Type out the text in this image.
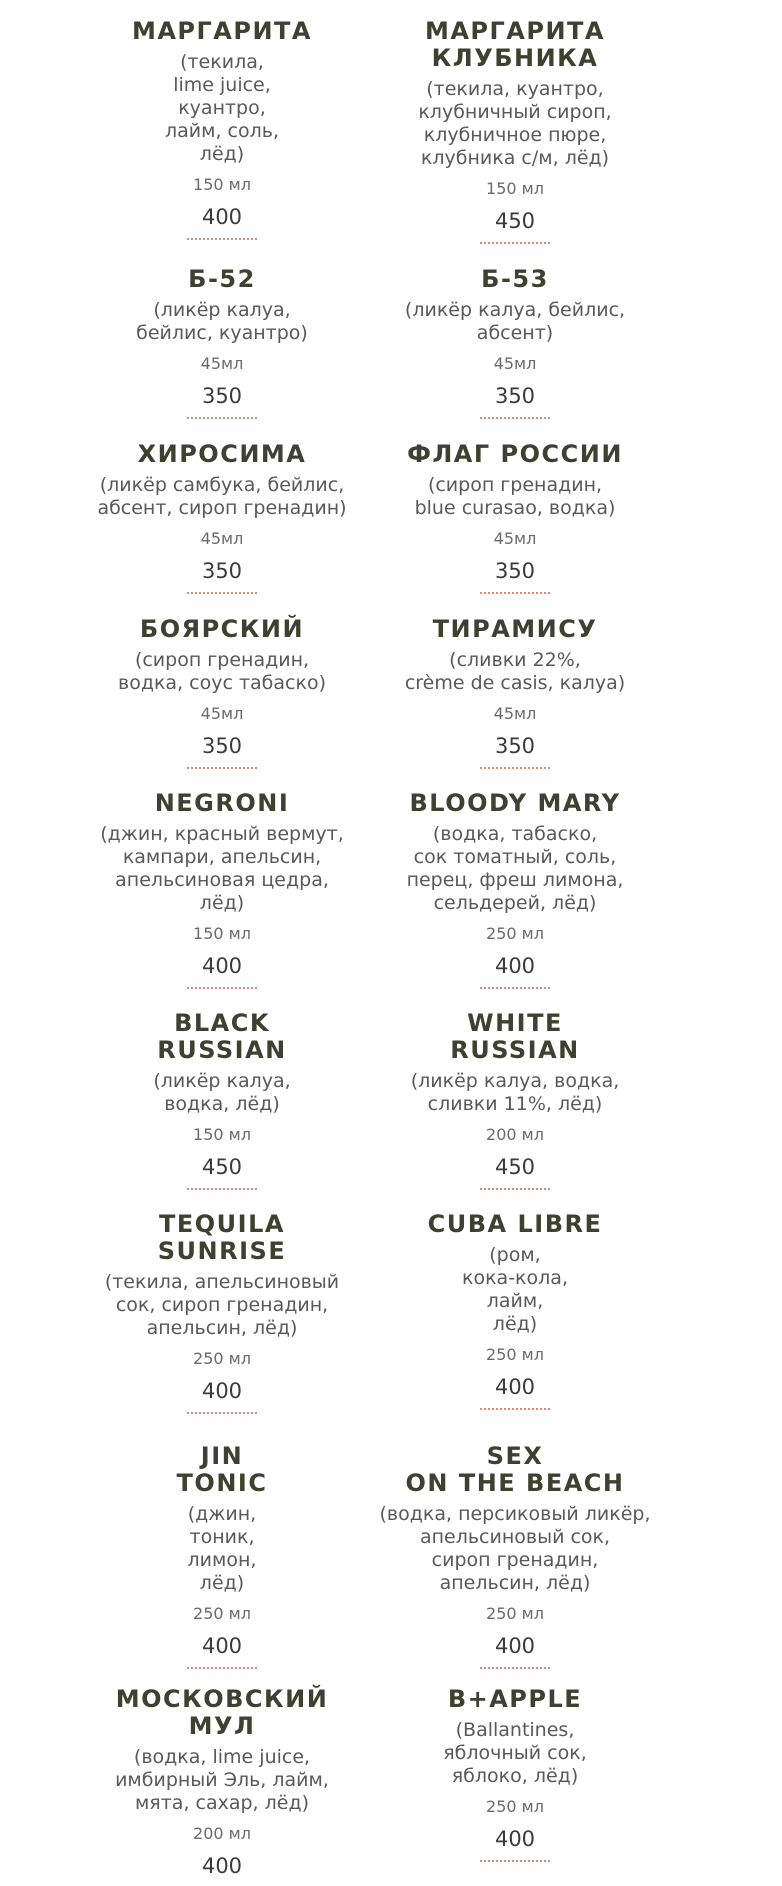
МАРГАРИТА
(текила,
lime juice,
куантро,
лайм, соль,
лёд)
150 мл
400
МАРГАРИТА
КЛУБНИКА
(текила, куантро,
клубничный сироп,
клубничное пюре,
клубника с/м, лёд)
150 мл
450
Б-52
(ликёр калуа,
бейлис, куантро)
45мл
350
Б-53
(ликёр калуа, бейлис,
абсент)
45мл
350
ХИРОСИМА
(ликёр самбука, бейлис,
абсент, сироп гренадин)
45мл
350
ФЛАГ РОССИИ
(сироп гренадин,
blue curasao, водка)
45мл
350
БОЯРСКИЙ
(сироп гренадин,
водка, соус табаско)
45мл
350
ТИРАМИСУ
(сливки 22%,
crème de casis, калуа)
45мл
350
NEGRONI
(джин, красный вермут,
кампари, апельсин,
апельсиновая цедра,
лёд)
150 мл
400
BLOODY MARY
(водка, табаско,
сок томатный, соль,
перец, фреш лимона,
сельдерей, лёд)
250 мл
400
BLACK
RUSSIAN
(ликёр калуа,
водка, лёд)
150 мл
450
WHITE
RUSSIAN
(ликёр калуа, водка,
сливки 11%, лёд)
200 мл
450
TEQUILA
SUNRISE
(текила, апельсиновый
сок, сироп гренадин,
апельсин, лёд)
250 мл
400
CUBA LIBRE
(ром,
кока-кола,
лайм,
лёд)
250 мл
400
JIN
TONIC
(джин,
тоник,
лимон,
лёд)
250 мл
400
SEX
ON THE BEACH
(водка, персиковый ликёр,
апельсиновый сок,
сироп гренадин,
апельсин, лёд)
250 мл
400
МОСКОВСКИЙ
МУЛ
(водка, lime juice,
имбирный Эль, лайм,
мята, сахар, лёд)
200 мл
400
B+APPLE
(Ballantines,
яблочный сок,
яблоко, лёд)
250 мл
400
